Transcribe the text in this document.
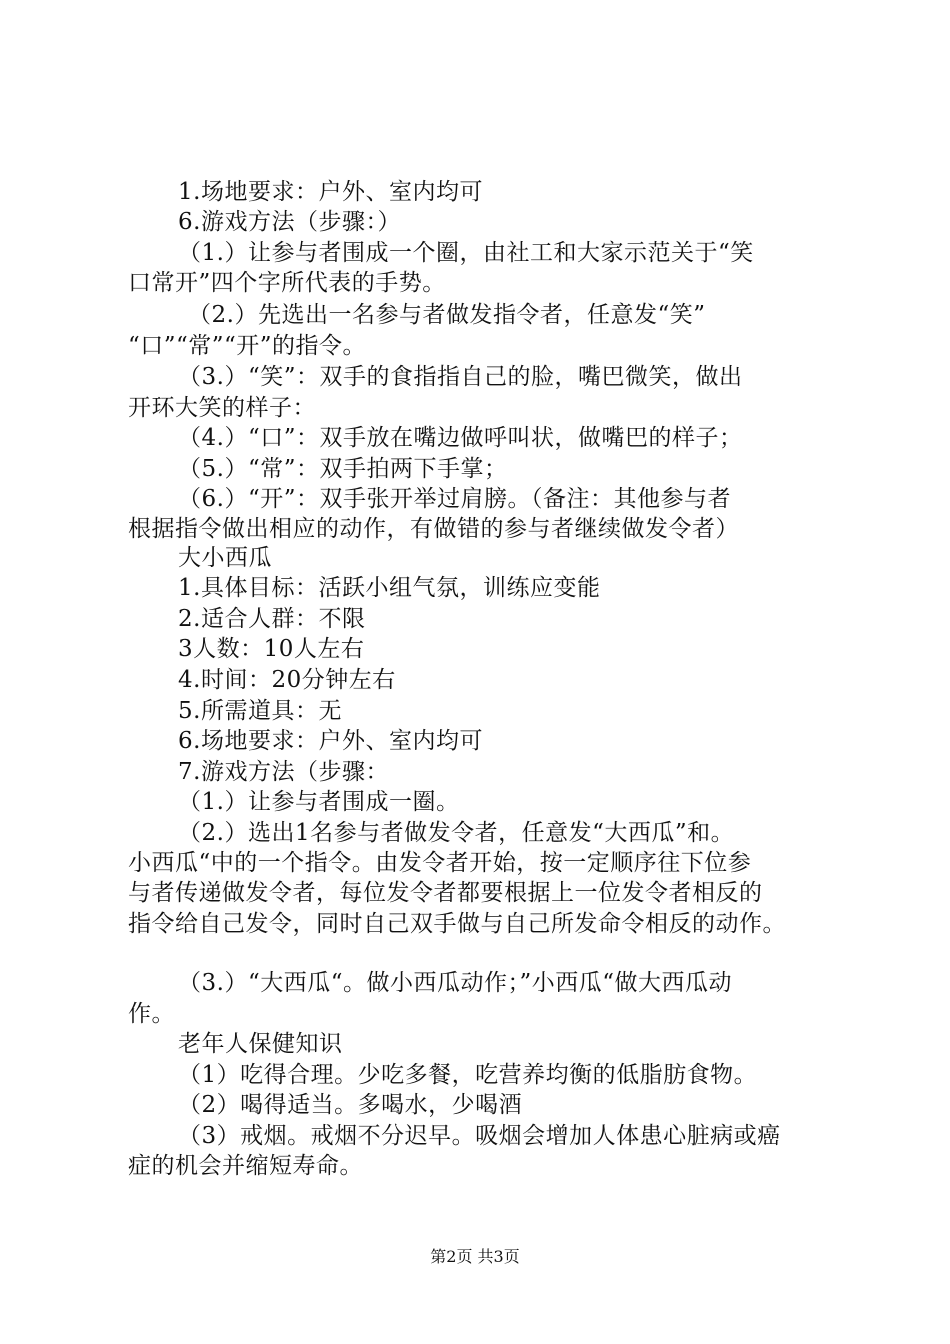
1.场地要求：户外、室内均可
6.游戏方法（步骤：）
（1.）让参与者围成一个圈，由社工和大家示范关于“笑
口常开”四个字所代表的手势。
（2.）先选出一名参与者做发指令者，任意发“笑”
“口”“常”“开”的指令。
（3.）“笑”：双手的食指指自己的脸，嘴巴微笑，做出
开环大笑的样子：
（4.）“口”：双手放在嘴边做呼叫状，做嘴巴的样子；
（5.）“常”：双手拍两下手掌；
（6.）“开”：双手张开举过肩膀。（备注：其他参与者
根据指令做出相应的动作，有做错的参与者继续做发令者）
大小西瓜
1.具体目标：活跃小组气氛，训练应变能
2.适合人群：不限
3人数：10人左右
4.时间：20分钟左右
5.所需道具：无
6.场地要求：户外、室内均可
7.游戏方法（步骤：
（1.）让参与者围成一圈。
（2.）选出1名参与者做发令者，任意发“大西瓜”和。
小西瓜“中的一个指令。由发令者开始，按一定顺序往下位参
与者传递做发令者，每位发令者都要根据上一位发令者相反的
指令给自己发令，同时自己双手做与自己所发命令相反的动作。
（3.）“大西瓜“。做小西瓜动作；”小西瓜“做大西瓜动
作。
老年人保健知识
（1）吃得合理。少吃多餐，吃营养均衡的低脂肪食物。
（2）喝得适当。多喝水，少喝酒
（3）戒烟。戒烟不分迟早。吸烟会增加人体患心脏病或癌
症的机会并缩短寿命。
第2页 共3页
